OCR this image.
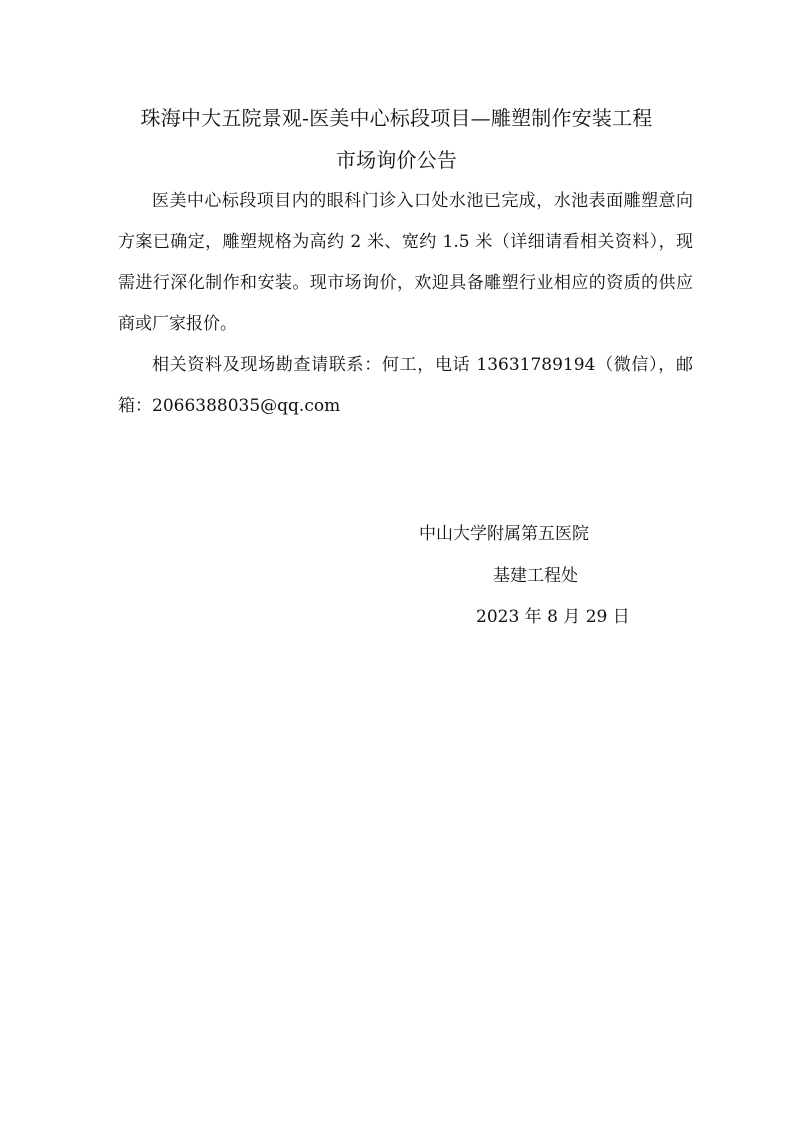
珠海中大五院景观-医美中心标段项目—雕塑制作安装工程
市场询价公告
医美中心标段项目内的眼科门诊入口处水池已完成，水池表面雕塑意向方案已确定，雕塑规格为高约 2 米、宽约 1.5 米（详细请看相关资料），现需进行深化制作和安装。现市场询价，欢迎具备雕塑行业相应的资质的供应商或厂家报价。
相关资料及现场勘查请联系：何工，电话 13631789194（微信），邮箱：2066388035@qq.com
中山大学附属第五医院
基建工程处
2023 年 8 月 29 日
